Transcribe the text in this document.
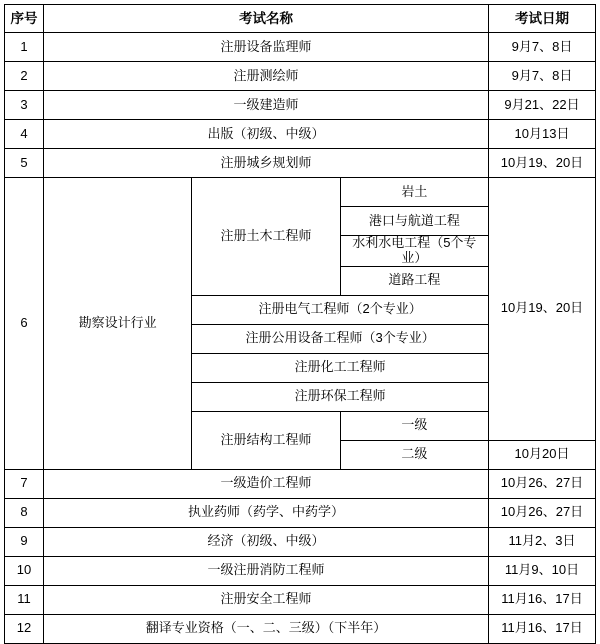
序号	考试名称			考试日期
1	注册设备监理师			9月7、8日
2	注册测绘师			9月7、8日
3	一级建造师			9月21、22日
4	出版（初级、中级）			10月13日
5	注册城乡规划师			10月19、20日
6	勘察设计行业	注册土木工程师	岩土	10月19、20日
			港口与航道工程	
			水利水电工程（5个专业）	
			道路工程	
		注册电气工程师（2个专业）		
		注册公用设备工程师（3个专业）		
		注册化工工程师		
		注册环保工程师		
		注册结构工程师	一级	
			二级	10月20日
7	一级造价工程师			10月26、27日
8	执业药师（药学、中药学）			10月26、27日
9	经济（初级、中级）			11月2、3日
10	一级注册消防工程师			11月9、10日
11	注册安全工程师			11月16、17日
12	翻译专业资格（一、二、三级）（下半年）			11月16、17日
